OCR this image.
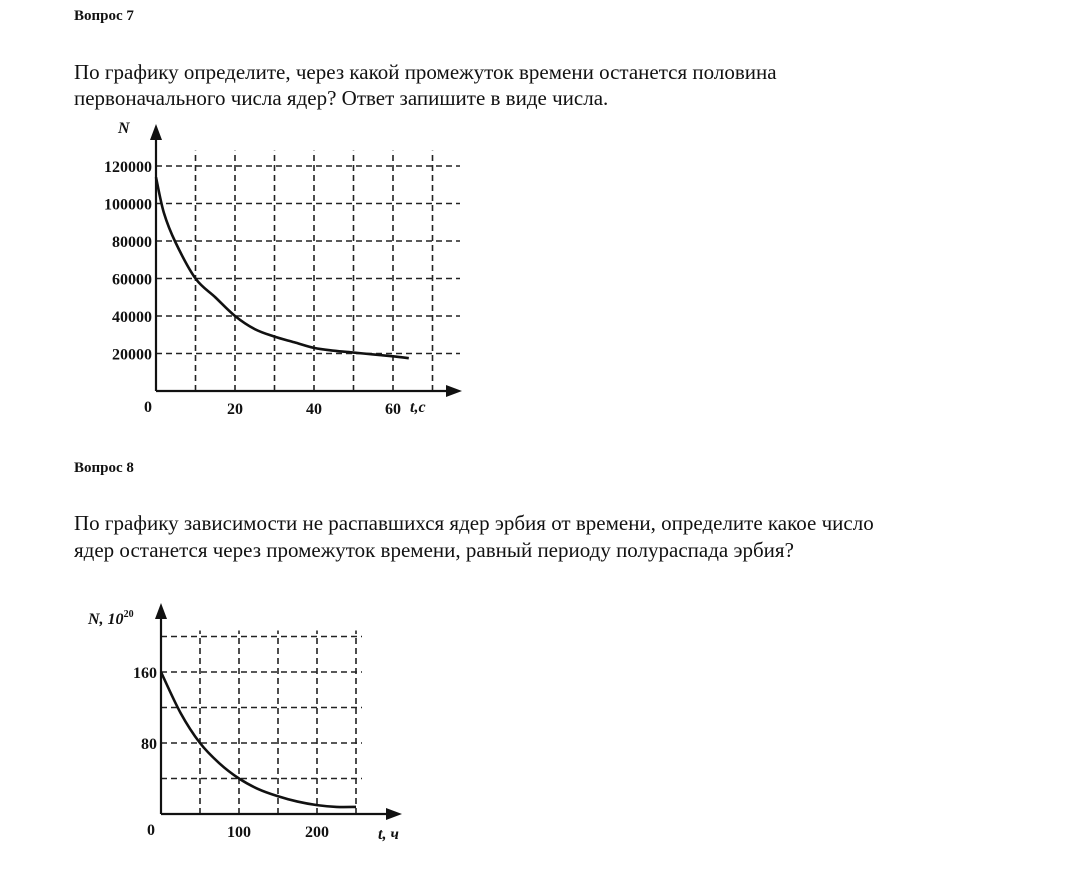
Вопрос 7
По графику определите, через какой промежуток времени останется половина
первоначального числа ядер? Ответ запишите в виде числа.
Вопрос 8
По графику зависимости не распавшихся ядер эрбия от времени, определите какое число
ядер останется через промежуток времени, равный периоду полураспада эрбия?
120000
100000
80000
60000
40000
20000
20	40	60
0	t,c
N
160
80
100	200
0	t, ч
N, $10^{20}$
